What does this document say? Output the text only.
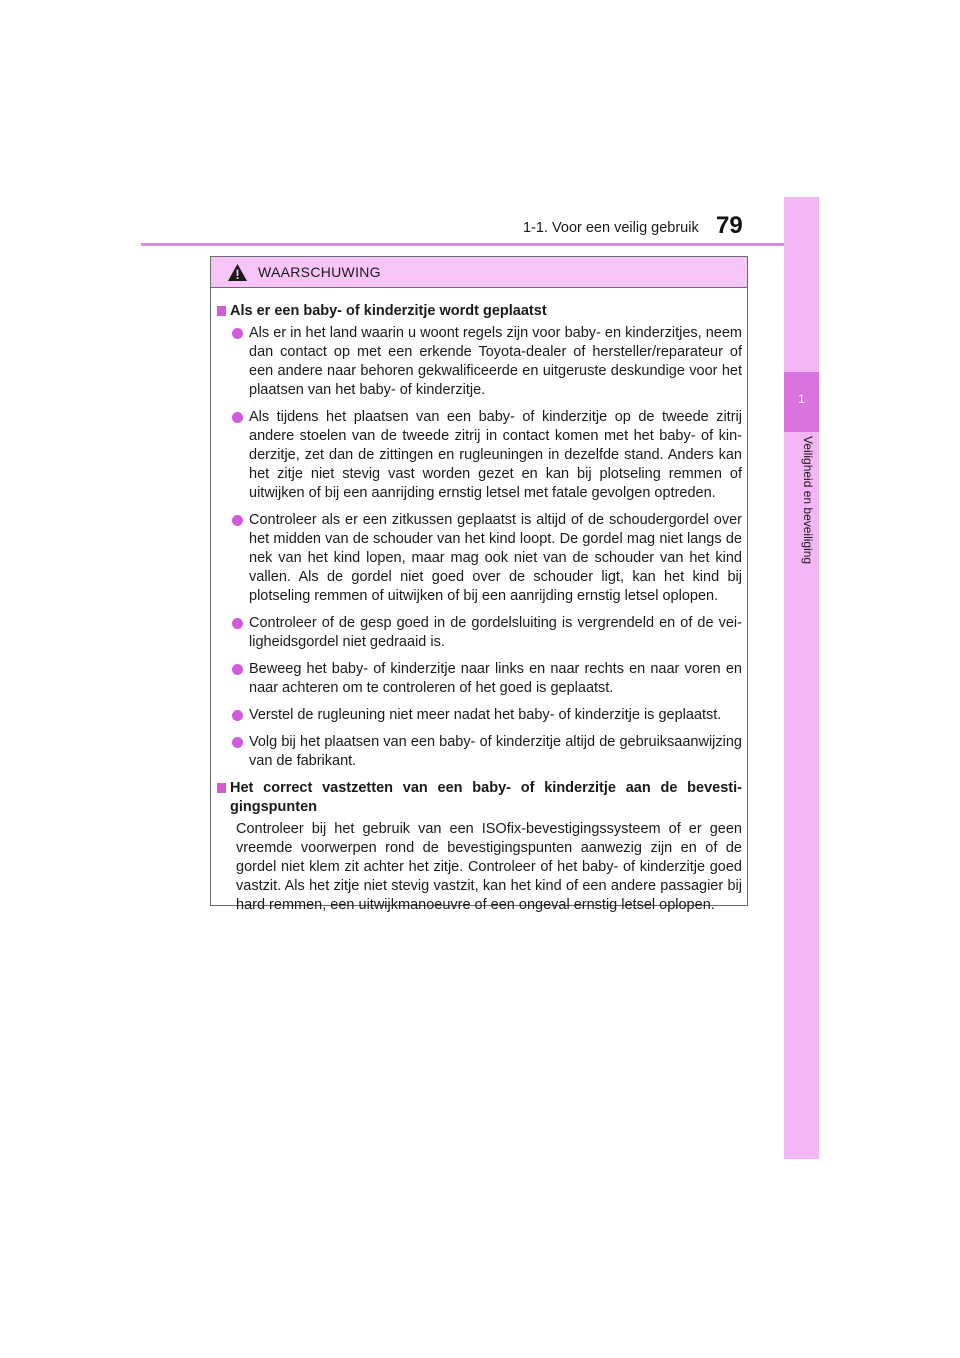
1-1. Voor een veilig gebruik 79
1
Veiligheid en beveiliging
WAARSCHUWING
Als er een baby- of kinderzitje wordt geplaatst
Als er in het land waarin u woont regels zijn voor baby- en kinderzitjes, neem dan contact op met een erkende Toyota-dealer of hersteller/reparateur of een andere naar behoren gekwalificeerde en uitgeruste deskundige voor het plaatsen van het baby- of kinderzitje.
Als tijdens het plaatsen van een baby- of kinderzitje op de tweede zitrij andere stoelen van de tweede zitrij in contact komen met het baby- of kinderzitje, zet dan de zittingen en rugleuningen in dezelfde stand. Anders kan het zitje niet stevig vast worden gezet en kan bij plotseling remmen of uitwijken of bij een aanrijding ernstig letsel met fatale gevolgen optreden.
Controleer als er een zitkussen geplaatst is altijd of de schoudergordel over het midden van de schouder van het kind loopt. De gordel mag niet langs de nek van het kind lopen, maar mag ook niet van de schouder van het kind vallen. Als de gordel niet goed over de schouder ligt, kan het kind bij plotseling remmen of uitwijken of bij een aanrijding ernstig letsel oplopen.
Controleer of de gesp goed in de gordelsluiting is vergrendeld en of de veiligheidsgordel niet gedraaid is.
Beweeg het baby- of kinderzitje naar links en naar rechts en naar voren en naar achteren om te controleren of het goed is geplaatst.
Verstel de rugleuning niet meer nadat het baby- of kinderzitje is geplaatst.
Volg bij het plaatsen van een baby- of kinderzitje altijd de gebruiksaanwijzing van de fabrikant.
Het correct vastzetten van een baby- of kinderzitje aan de bevestigingspunten
Controleer bij het gebruik van een ISOfix-bevestigingssysteem of er geen vreemde voorwerpen rond de bevestigingspunten aanwezig zijn en of de gordel niet klem zit achter het zitje. Controleer of het baby- of kinderzitje goed vastzit. Als het zitje niet stevig vastzit, kan het kind of een andere passagier bij hard remmen, een uitwijkmanoeuvre of een ongeval ernstig letsel oplopen.
